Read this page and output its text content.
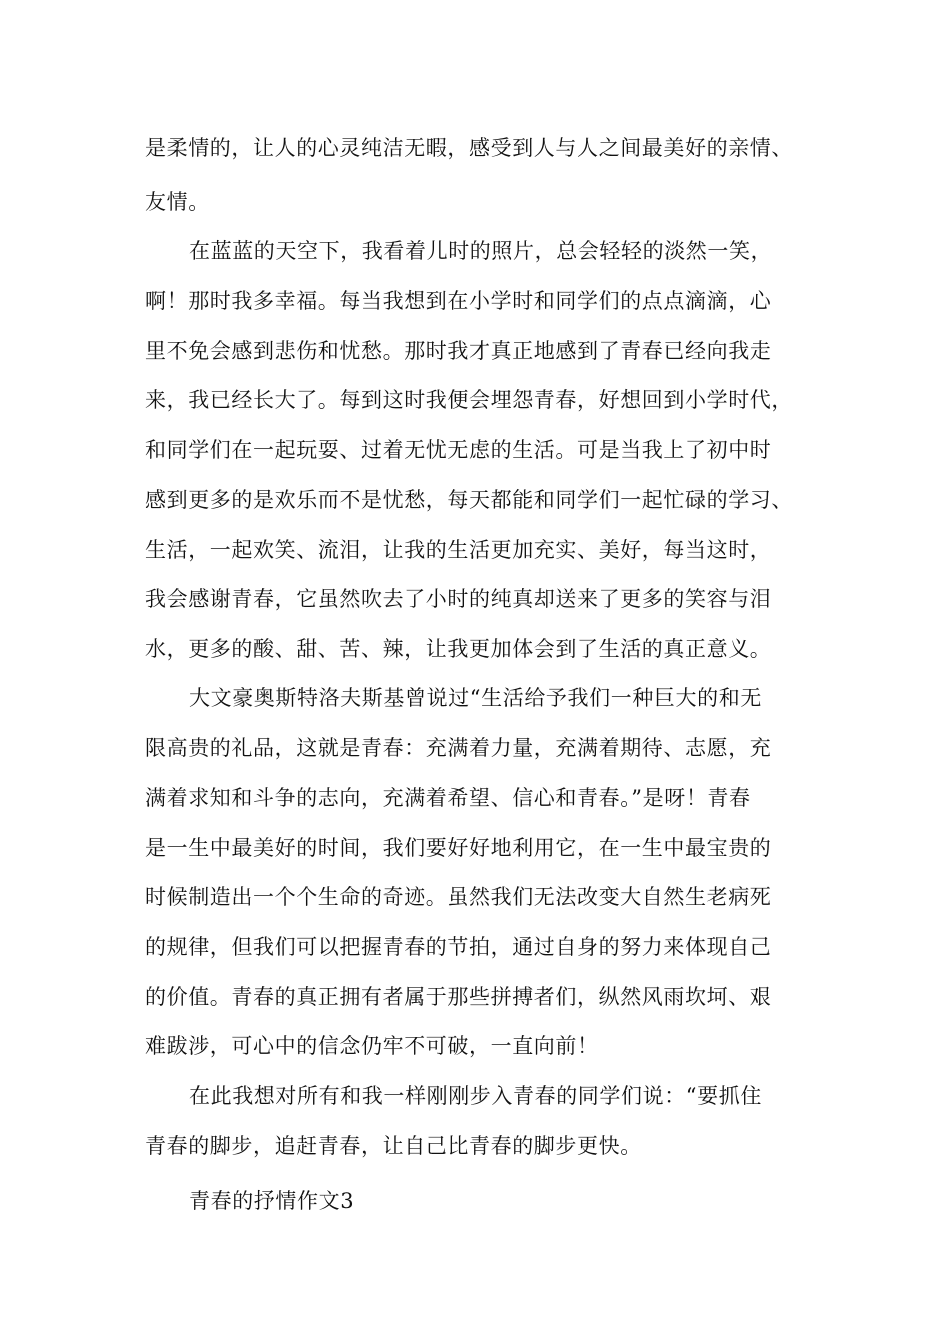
是柔情的，让人的心灵纯洁无暇，感受到人与人之间最美好的亲情、
友情。
在蓝蓝的天空下，我看着儿时的照片，总会轻轻的淡然一笑，
啊！那时我多幸福。每当我想到在小学时和同学们的点点滴滴，心
里不免会感到悲伤和忧愁。那时我才真正地感到了青春已经向我走
来，我已经长大了。每到这时我便会埋怨青春，好想回到小学时代，
和同学们在一起玩耍、过着无忧无虑的生活。可是当我上了初中时
感到更多的是欢乐而不是忧愁，每天都能和同学们一起忙碌的学习、
生活，一起欢笑、流泪，让我的生活更加充实、美好，每当这时，
我会感谢青春，它虽然吹去了小时的纯真却送来了更多的笑容与泪
水，更多的酸、甜、苦、辣，让我更加体会到了生活的真正意义。
大文豪奥斯特洛夫斯基曾说过“生活给予我们一种巨大的和无
限高贵的礼品，这就是青春：充满着力量，充满着期待、志愿，充
满着求知和斗争的志向，充满着希望、信心和青春。”是呀！青春
是一生中最美好的时间，我们要好好地利用它，在一生中最宝贵的
时候制造出一个个生命的奇迹。虽然我们无法改变大自然生老病死
的规律，但我们可以把握青春的节拍，通过自身的努力来体现自己
的价值。青春的真正拥有者属于那些拼搏者们，纵然风雨坎坷、艰
难跋涉，可心中的信念仍牢不可破，一直向前！
在此我想对所有和我一样刚刚步入青春的同学们说：“要抓住
青春的脚步，追赶青春，让自己比青春的脚步更快。
青春的抒情作文3
